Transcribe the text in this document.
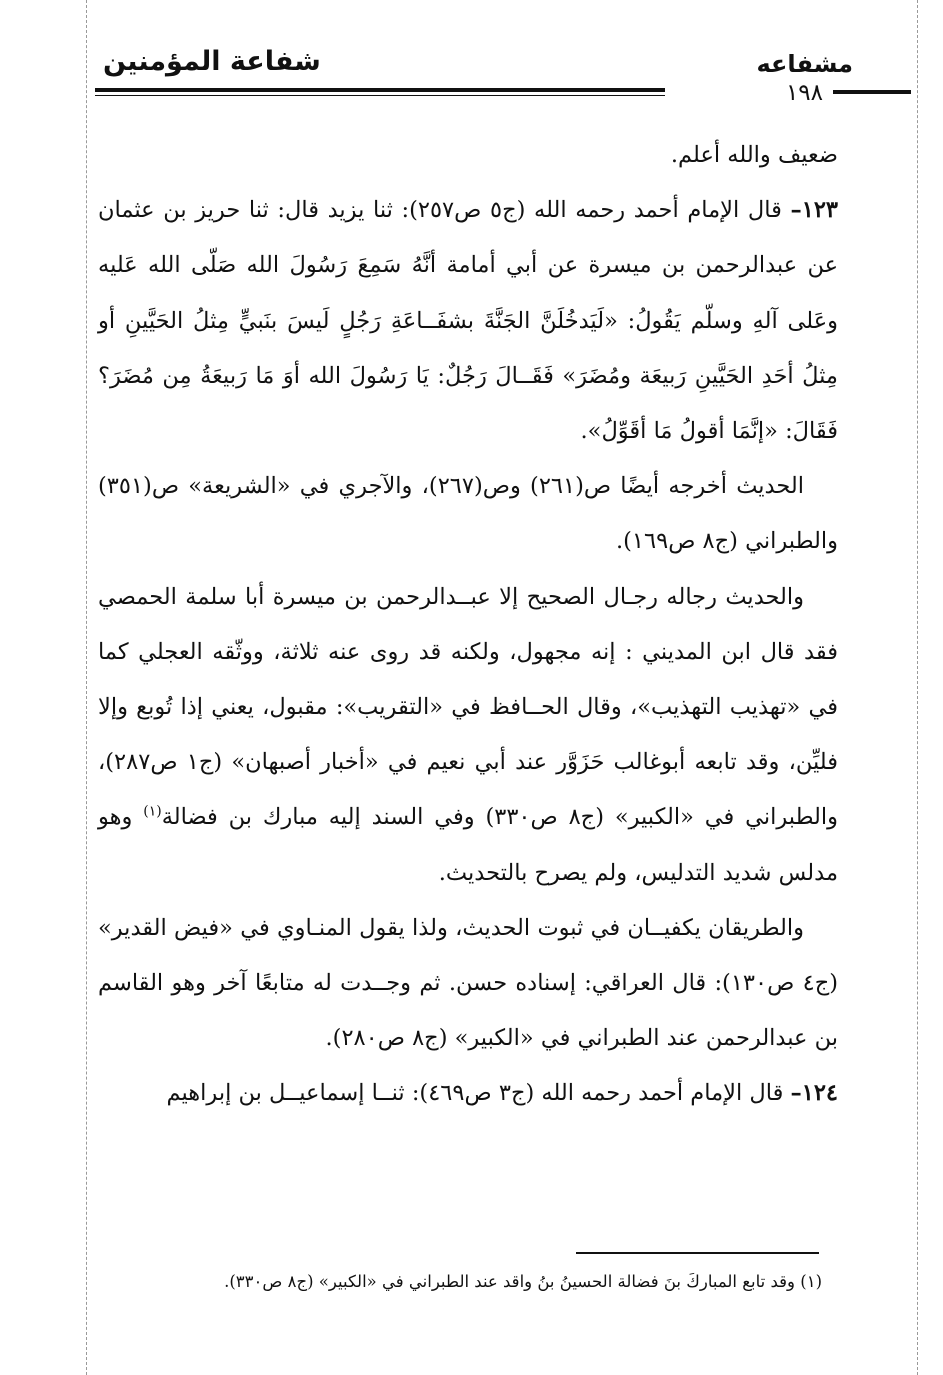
شفاعة المؤمنين	مشفاعه
١٩٨

ضعيف والله أعلم.

١٢٣– قال الإمام أحمد رحمه الله (ج٥ ص٢٥٧): ثنا يزيد قال: ثنا حريز بن عثمان عن عبدالرحمن بن ميسرة عن أبي أمامة أنَّهُ سَمِعَ رَسُولَ الله صَلّى الله عَليه وعَلى آلهِ وسلّم يَقُولُ: «لَيَدخُلَنَّ الجَنَّةَ بشفَــاعَةِ رَجُلٍ لَيسَ بنَبيٍّ مِثلُ الحَيَّينِ أو مِثلُ أحَدِ الحَيَّينِ رَبيعَة ومُضَرَ» فَقَــالَ رَجُلٌ: يَا رَسُولَ الله أوَ مَا رَبيعَةُ مِن مُضَرَ؟ فَقَالَ: «إنَّمَا أقولُ مَا أقَوِّلُ».

الحديث أخرجه أيضًا ص(٢٦١) وص(٢٦٧)، والآجري في «الشريعة» ص(٣٥١) والطبراني (ج٨ ص١٦٩).

والحديث رجاله رجـال الصحيح إلا عبــدالرحمن بن ميسرة أبا سلمة الحمصي فقد قال ابن المديني : إنه مجهول، ولكنه قد روى عنه ثلاثة، ووثّقه العجلي كما في «تهذيب التهذيب»، وقال الحــافظ في «التقريب»: مقبول، يعني إذا تُوبع وإلا فليِّن، وقد تابعه أبوغالب حَزَوَّر عند أبي نعيم في «أخبار أصبهان» (ج١ ص٢٨٧)، والطبراني في «الكبير» (ج٨ ص٣٣٠) وفي السند إليه مبارك بن فضالة$^{(١)}$ وهو مدلس شديد التدليس، ولم يصرح بالتحديث.

والطريقان يكفيــان في ثبوت الحديث، ولذا يقول المنـاوي في «فيض القدير» (ج٤ ص١٣٠): قال العراقي: إسناده حسن. ثم وجــدت له متابعًا آخر وهو القاسم بن عبدالرحمن عند الطبراني في «الكبير» (ج٨ ص٢٨٠).

١٢٤– قال الإمام أحمد رحمه الله (ج٣ ص٤٦٩): ثنــا إسماعيــل بن إبراهيم

(١) وقد تابع المباركَ بنَ فضالة الحسينُ بنُ واقد عند الطبراني في «الكبير» (ج٨ ص٣٣٠).
